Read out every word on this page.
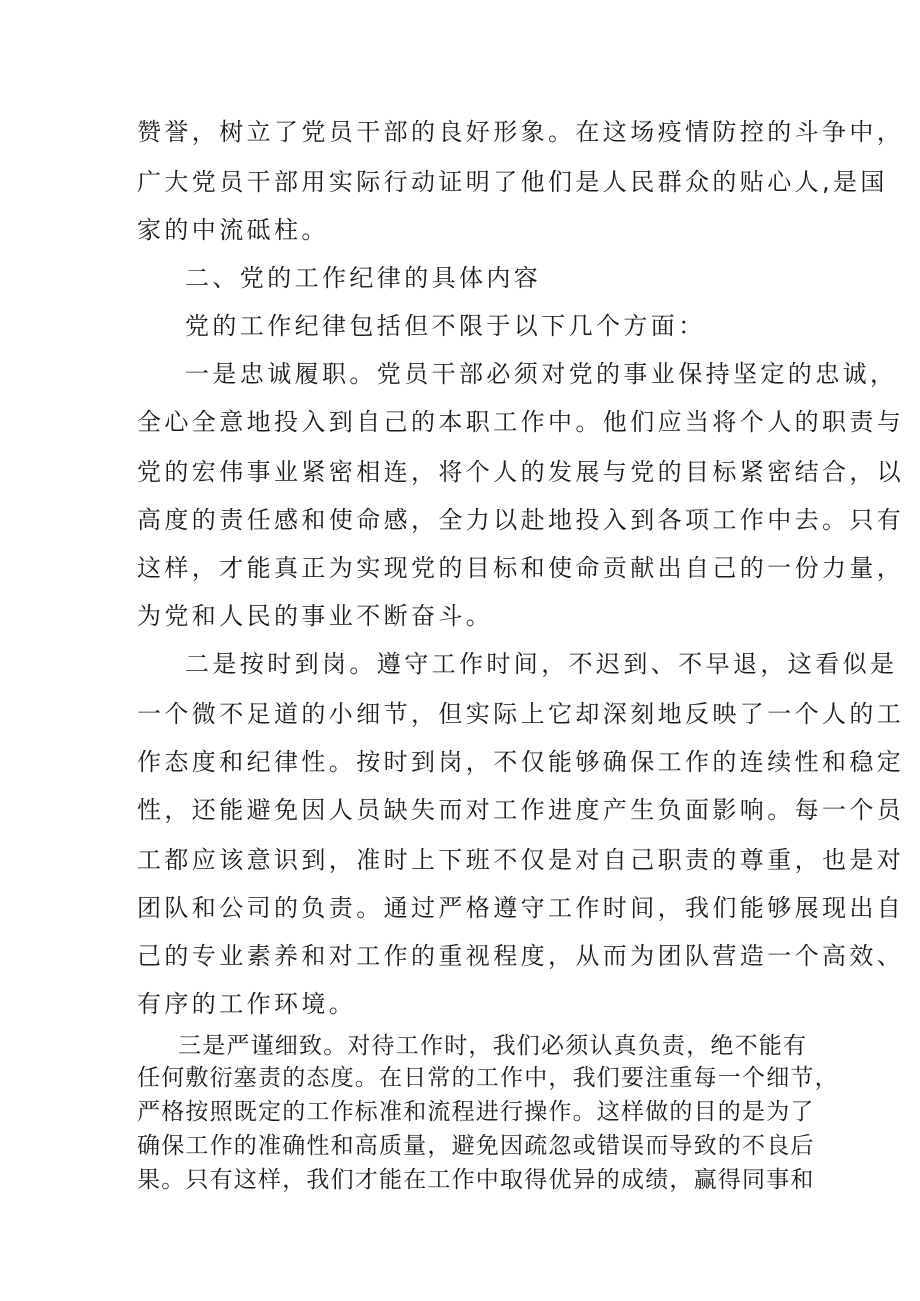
赞誉，树立了党员干部的良好形象。在这场疫情防控的斗争中，
广大党员干部用实际行动证明了他们是人民群众的贴心人,是国
家的中流砥柱。
二、党的工作纪律的具体内容
党的工作纪律包括但不限于以下几个方面：
一是忠诚履职。党员干部必须对党的事业保持坚定的忠诚，
全心全意地投入到自己的本职工作中。他们应当将个人的职责与
党的宏伟事业紧密相连，将个人的发展与党的目标紧密结合，以
高度的责任感和使命感，全力以赴地投入到各项工作中去。只有
这样，才能真正为实现党的目标和使命贡献出自己的一份力量，
为党和人民的事业不断奋斗。
二是按时到岗。遵守工作时间，不迟到、不早退，这看似是
一个微不足道的小细节，但实际上它却深刻地反映了一个人的工
作态度和纪律性。按时到岗，不仅能够确保工作的连续性和稳定
性，还能避免因人员缺失而对工作进度产生负面影响。每一个员
工都应该意识到，准时上下班不仅是对自己职责的尊重，也是对
团队和公司的负责。通过严格遵守工作时间，我们能够展现出自
己的专业素养和对工作的重视程度，从而为团队营造一个高效、
有序的工作环境。
三是严谨细致。对待工作时，我们必须认真负责，绝不能有
任何敷衍塞责的态度。在日常的工作中，我们要注重每一个细节，
严格按照既定的工作标准和流程进行操作。这样做的目的是为了
确保工作的准确性和高质量，避免因疏忽或错误而导致的不良后
果。只有这样，我们才能在工作中取得优异的成绩，赢得同事和
